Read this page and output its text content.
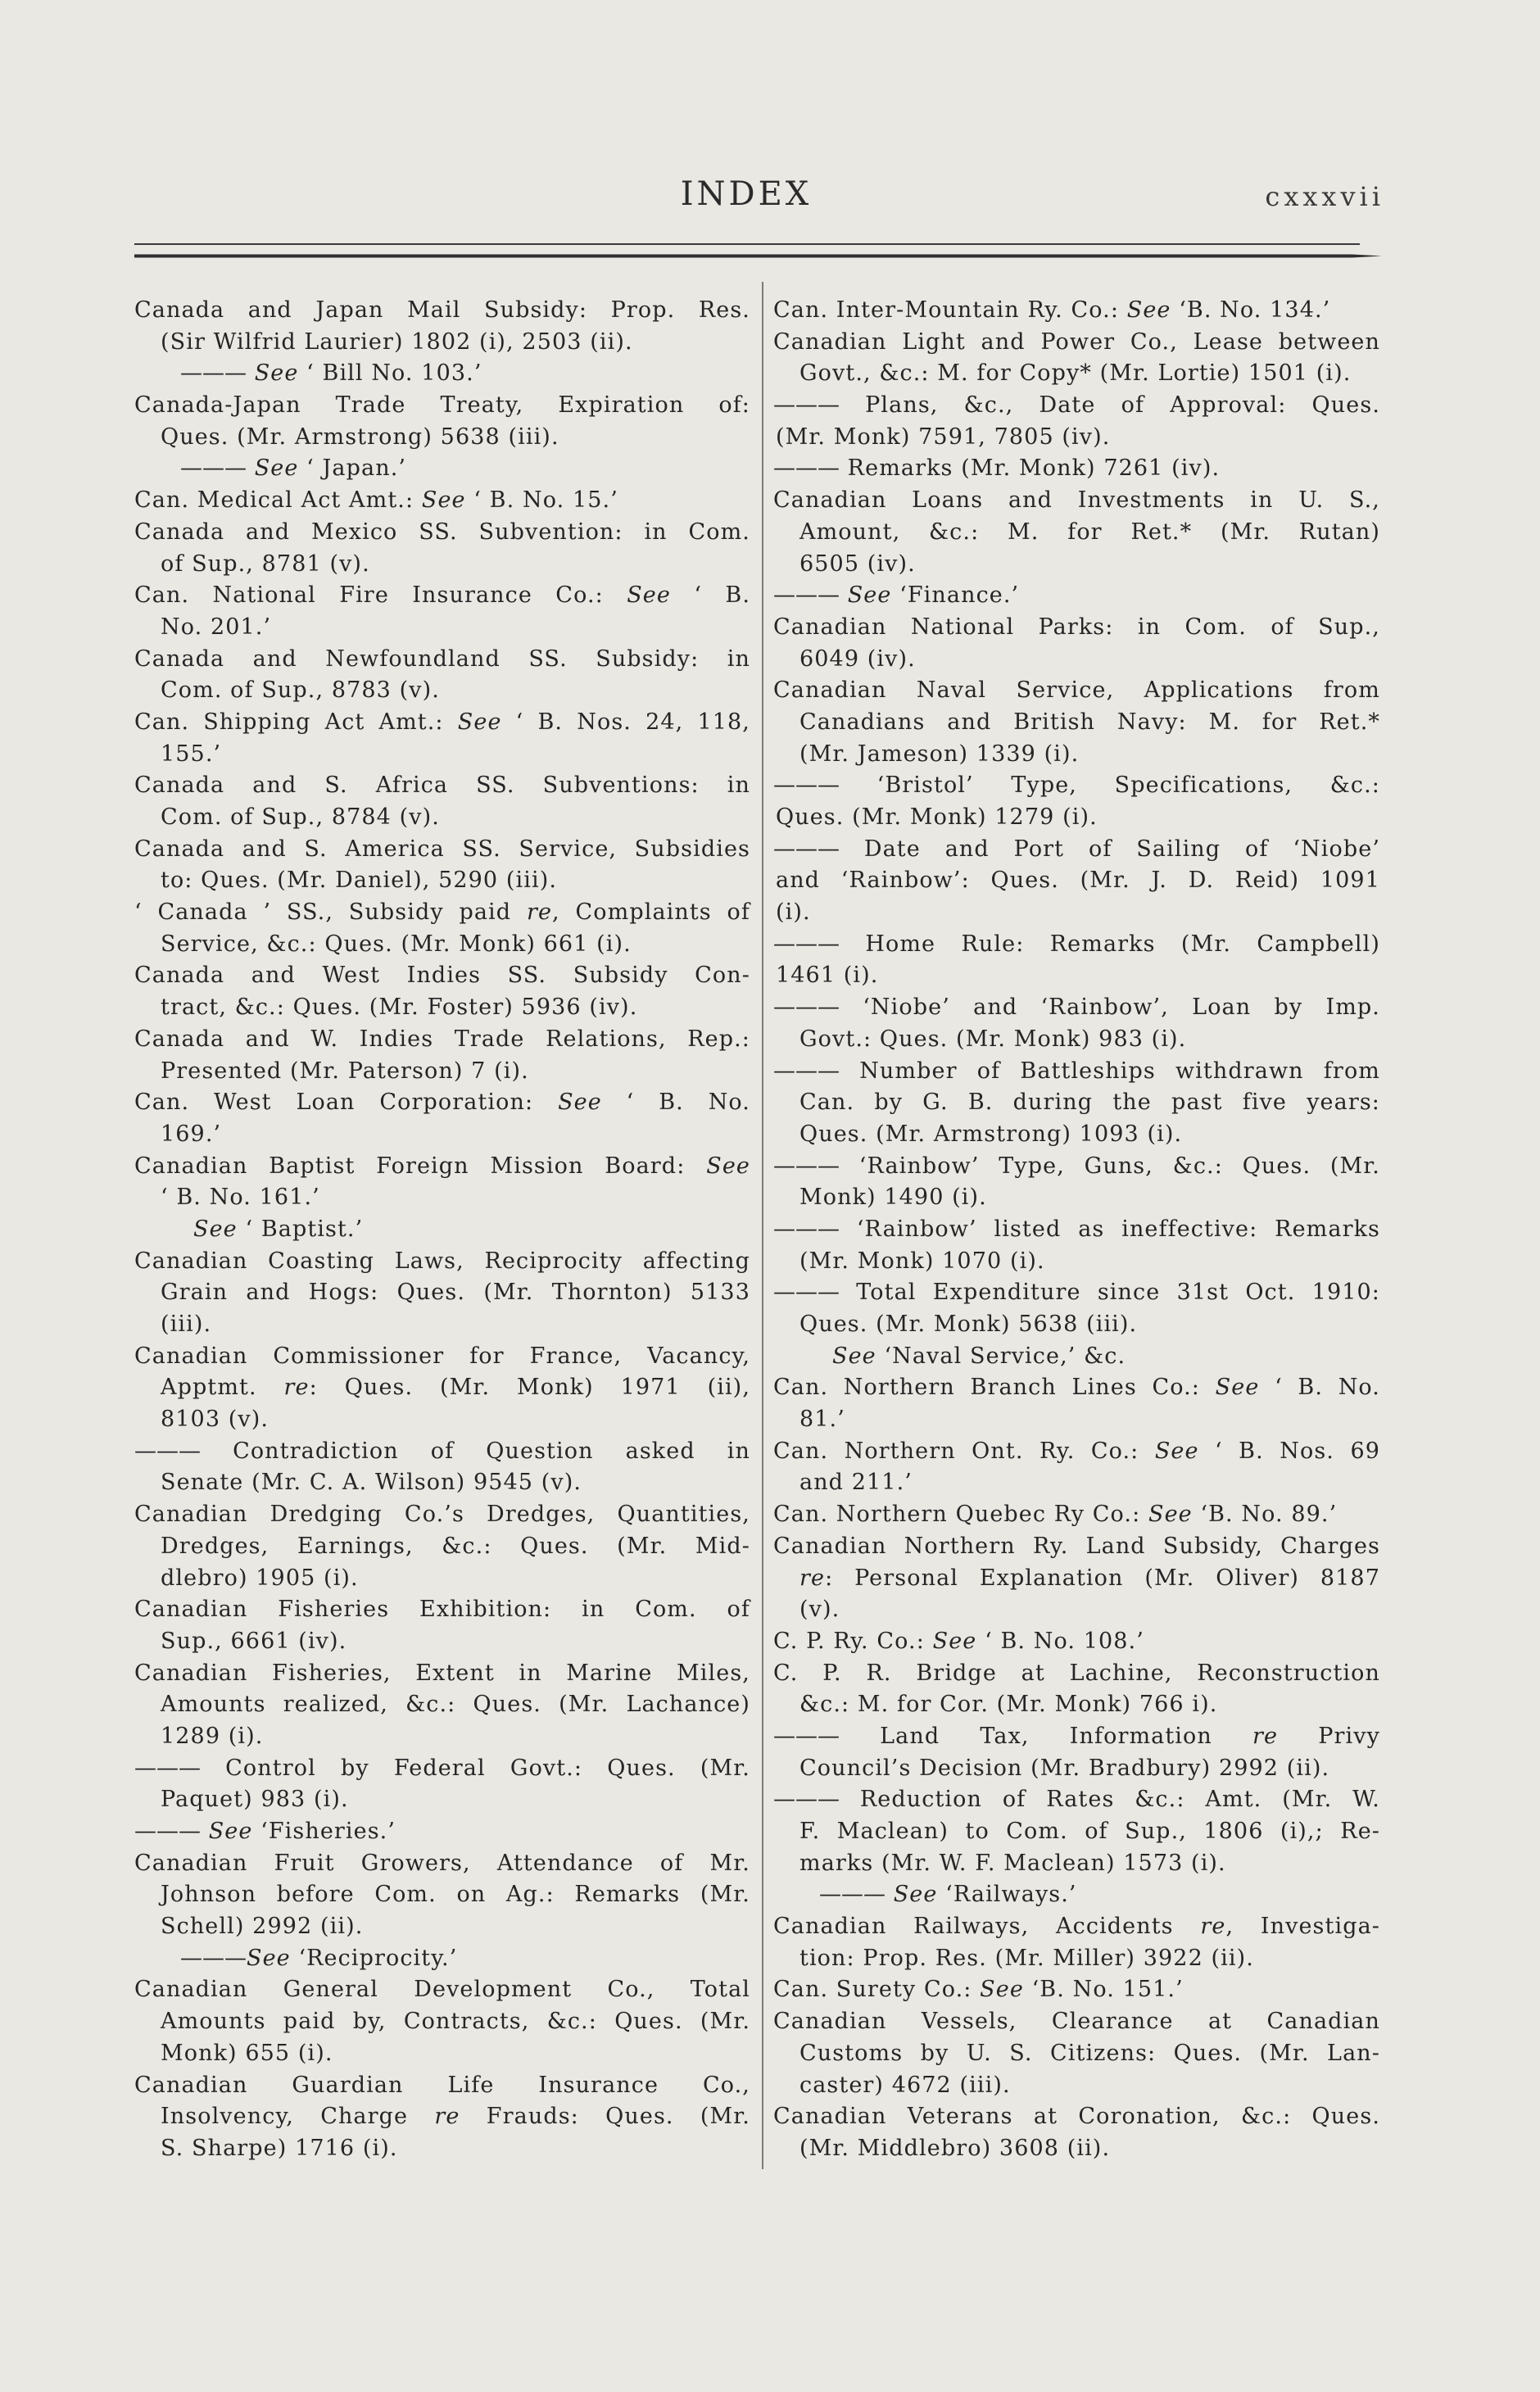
INDEX	cxxxvii
Canada and Japan Mail Subsidy: Prop. Res.
(Sir Wilfrid Laurier) 1802 (i), 2503 (ii).
——— See ‘ Bill No. 103.’
Canada-Japan Trade Treaty, Expiration of:
Ques. (Mr. Armstrong) 5638 (iii).
——— See ‘ Japan.’
Can. Medical Act Amt.: See ‘ B. No. 15.’
Canada and Mexico SS. Subvention: in Com.
of Sup., 8781 (v).
Can. National Fire Insurance Co.: See ‘ B.
No. 201.’
Canada and Newfoundland SS. Subsidy: in
Com. of Sup., 8783 (v).
Can. Shipping Act Amt.: See ‘ B. Nos. 24, 118,
155.’
Canada and S. Africa SS. Subventions: in
Com. of Sup., 8784 (v).
Canada and S. America SS. Service, Subsidies
to: Ques. (Mr. Daniel), 5290 (iii).
‘ Canada ’ SS., Subsidy paid re, Complaints of
Service, &c.: Ques. (Mr. Monk) 661 (i).
Canada and West Indies SS. Subsidy Con-
tract, &c.: Ques. (Mr. Foster) 5936 (iv).
Canada and W. Indies Trade Relations, Rep.:
Presented (Mr. Paterson) 7 (i).
Can. West Loan Corporation: See ‘ B. No.
169.’
Canadian Baptist Foreign Mission Board: See
‘ B. No. 161.’
See ‘ Baptist.’
Canadian Coasting Laws, Reciprocity affecting
Grain and Hogs: Ques. (Mr. Thornton) 5133
(iii).
Canadian Commissioner for France, Vacancy,
Apptmt. re: Ques. (Mr. Monk) 1971 (ii),
8103 (v).
——— Contradiction of Question asked in
Senate (Mr. C. A. Wilson) 9545 (v).
Canadian Dredging Co.’s Dredges, Quantities,
Dredges, Earnings, &c.: Ques. (Mr. Mid-
dlebro) 1905 (i).
Canadian Fisheries Exhibition: in Com. of
Sup., 6661 (iv).
Canadian Fisheries, Extent in Marine Miles,
Amounts realized, &c.: Ques. (Mr. Lachance)
1289 (i).
——— Control by Federal Govt.: Ques. (Mr.
Paquet) 983 (i).
——— See ‘Fisheries.’
Canadian Fruit Growers, Attendance of Mr.
Johnson before Com. on Ag.: Remarks (Mr.
Schell) 2992 (ii).
———See ‘Reciprocity.’
Canadian General Development Co., Total
Amounts paid by, Contracts, &c.: Ques. (Mr.
Monk) 655 (i).
Canadian Guardian Life Insurance Co.,
Insolvency, Charge re Frauds: Ques. (Mr.
S. Sharpe) 1716 (i).
Can. Inter-Mountain Ry. Co.: See ‘B. No. 134.’
Canadian Light and Power Co., Lease between
Govt., &c.: M. for Copy* (Mr. Lortie) 1501 (i).
——— Plans, &c., Date of Approval: Ques.
(Mr. Monk) 7591, 7805 (iv).
——— Remarks (Mr. Monk) 7261 (iv).
Canadian Loans and Investments in U. S.,
Amount, &c.: M. for Ret.* (Mr. Rutan)
6505 (iv).
——— See ‘Finance.’
Canadian National Parks: in Com. of Sup.,
6049 (iv).
Canadian Naval Service, Applications from
Canadians and British Navy: M. for Ret.*
(Mr. Jameson) 1339 (i).
——— ‘Bristol’ Type, Specifications, &c.:
Ques. (Mr. Monk) 1279 (i).
——— Date and Port of Sailing of ‘Niobe’
and ‘Rainbow’: Ques. (Mr. J. D. Reid) 1091
(i).
——— Home Rule: Remarks (Mr. Campbell)
1461 (i).
——— ‘Niobe’ and ‘Rainbow’, Loan by Imp.
Govt.: Ques. (Mr. Monk) 983 (i).
——— Number of Battleships withdrawn from
Can. by G. B. during the past five years:
Ques. (Mr. Armstrong) 1093 (i).
——— ‘Rainbow’ Type, Guns, &c.: Ques. (Mr.
Monk) 1490 (i).
——— ‘Rainbow’ listed as ineffective: Remarks
(Mr. Monk) 1070 (i).
——— Total Expenditure since 31st Oct. 1910:
Ques. (Mr. Monk) 5638 (iii).
See ‘Naval Service,’ &c.
Can. Northern Branch Lines Co.: See ‘ B. No.
81.’
Can. Northern Ont. Ry. Co.: See ‘ B. Nos. 69
and 211.’
Can. Northern Quebec Ry Co.: See ‘B. No. 89.’
Canadian Northern Ry. Land Subsidy, Charges
re: Personal Explanation (Mr. Oliver) 8187
(v).
C. P. Ry. Co.: See ‘ B. No. 108.’
C. P. R. Bridge at Lachine, Reconstruction
&c.: M. for Cor. (Mr. Monk) 766 i).
——— Land Tax, Information re Privy
Council’s Decision (Mr. Bradbury) 2992 (ii).
——— Reduction of Rates &c.: Amt. (Mr. W.
F. Maclean) to Com. of Sup., 1806 (i),; Re-
marks (Mr. W. F. Maclean) 1573 (i).
——— See ‘Railways.’
Canadian Railways, Accidents re, Investiga-
tion: Prop. Res. (Mr. Miller) 3922 (ii).
Can. Surety Co.: See ‘B. No. 151.’
Canadian Vessels, Clearance at Canadian
Customs by U. S. Citizens: Ques. (Mr. Lan-
caster) 4672 (iii).
Canadian Veterans at Coronation, &c.: Ques.
(Mr. Middlebro) 3608 (ii).
